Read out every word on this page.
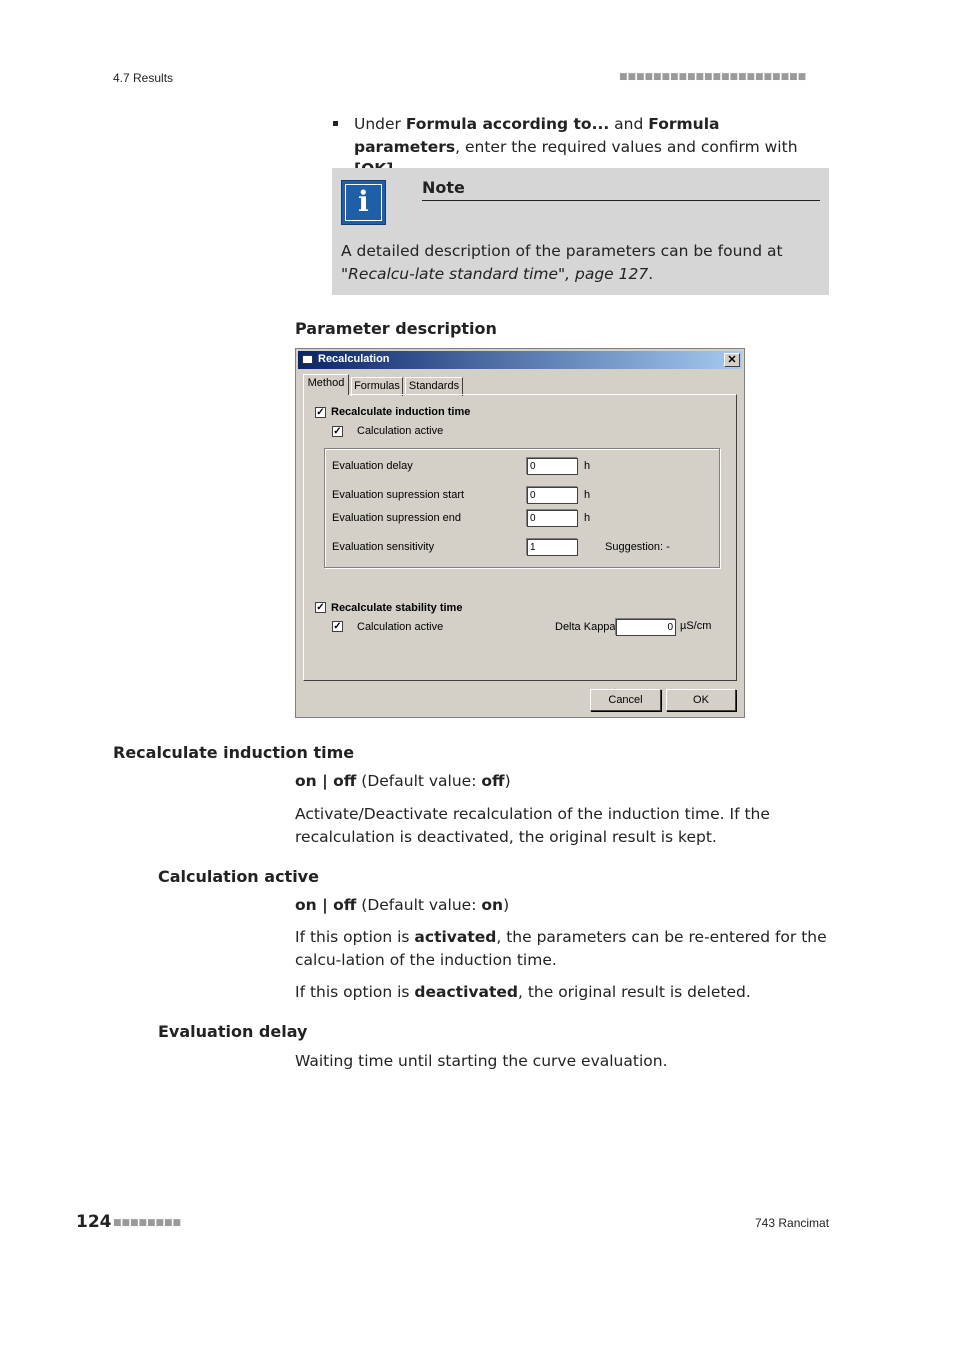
4.7 Results	■■■■■■■■■■■■■■■■■■■■■■
Under Formula according to... and Formula parameters, enter the required values and confirm with
i	Note
A detailed description of the parameters can be found at "Recalcu-late standard time", page 127.
Parameter description
Recalculation	✕
Method Formulas Standards
✓ Recalculate induction time
✓ Calculation active
Evaluation delay	0	h
Evaluation supression start	0	h
Evaluation supression end	0	h
Evaluation sensitivity	1	Suggestion: -
✓ Recalculate stability time
✓ Calculation active	Delta Kappa	0 µS/cm
Cancel	OK
Recalculate induction time
on | off (Default value: off)
Activate/Deactivate recalculation of the induction time. If the recalculation is deactivated, the original result is kept.
Calculation active
on | off (Default value: on)
If this option is activated, the parameters can be re-entered for the calcu-lation of the induction time.
If this option is deactivated, the original result is deleted.
Evaluation delay
Waiting time until starting the curve evaluation.
124 ■■■■■■■■	743 Rancimat
